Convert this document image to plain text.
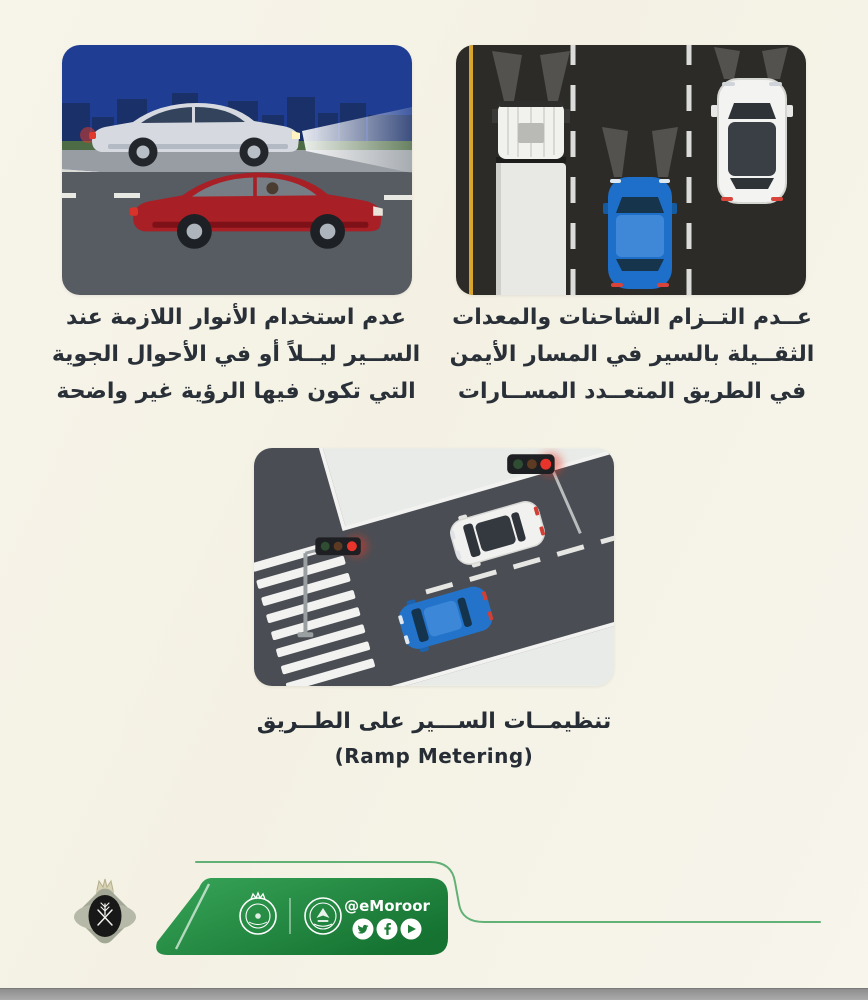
عدم استخدام الأنوار اللازمة عند
الســير ليــلاً أو في الأحوال الجوية
التي تكون فيها الرؤية غير واضحة
عــدم التــزام الشاحنات والمعدات
الثقــيلة بالسير في المسار الأيمن
في الطريق المتعــدد المســارات
تنظيمــات الســـير على الطــريق
(Ramp Metering)
@eMoroor
